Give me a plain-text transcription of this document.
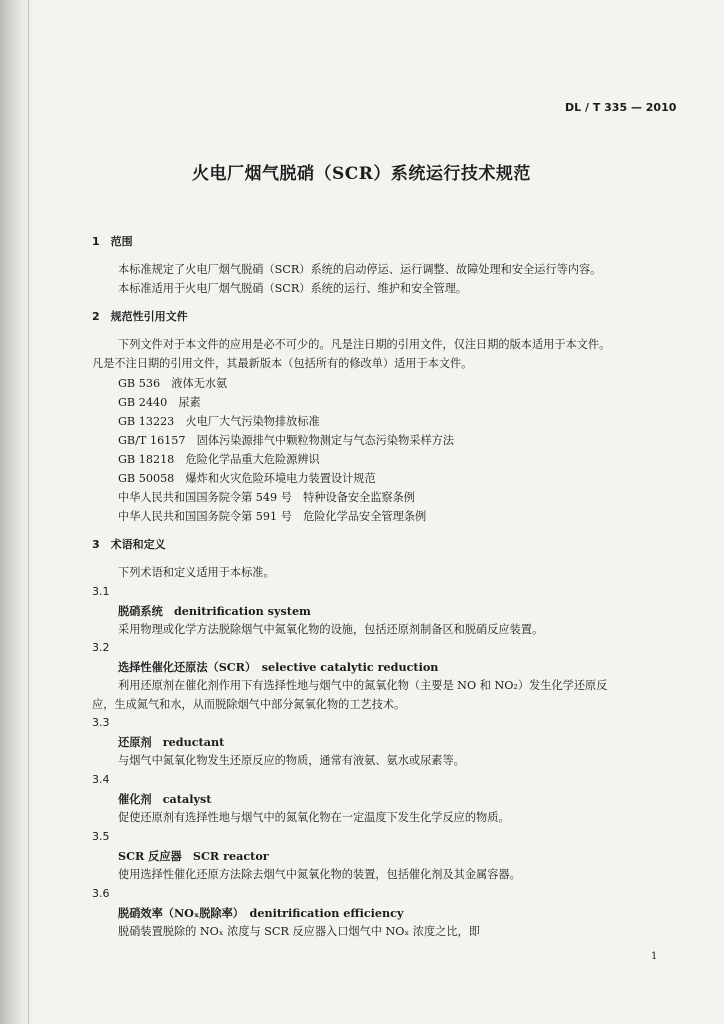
DL / T 335 — 2010
火电厂烟气脱硝（SCR）系统运行技术规范
1　范围
本标准规定了火电厂烟气脱硝（SCR）系统的启动停运、运行调整、故障处理和安全运行等内容。
本标准适用于火电厂烟气脱硝（SCR）系统的运行、维护和安全管理。
2　规范性引用文件
下列文件对于本文件的应用是必不可少的。凡是注日期的引用文件，仅注日期的版本适用于本文件。
凡是不注日期的引用文件，其最新版本（包括所有的修改单）适用于本文件。
GB 536　液体无水氨
GB 2440　尿素
GB 13223　火电厂大气污染物排放标准
GB/T 16157　固体污染源排气中颗粒物测定与气态污染物采样方法
GB 18218　危险化学品重大危险源辨识
GB 50058　爆炸和火灾危险环境电力装置设计规范
中华人民共和国国务院令第 549 号　特种设备安全监察条例
中华人民共和国国务院令第 591 号　危险化学品安全管理条例
3　术语和定义
下列术语和定义适用于本标准。
3.1
脱硝系统　denitrification system
采用物理或化学方法脱除烟气中氮氧化物的设施，包括还原剂制备区和脱硝反应装置。
3.2
选择性催化还原法（SCR）　selective catalytic reduction
利用还原剂在催化剂作用下有选择性地与烟气中的氮氧化物（主要是 NO 和 NO₂）发生化学还原反
应，生成氮气和水，从而脱除烟气中部分氮氧化物的工艺技术。
3.3
还原剂　reductant
与烟气中氮氧化物发生还原反应的物质，通常有液氨、氨水或尿素等。
3.4
催化剂　catalyst
促使还原剂有选择性地与烟气中的氮氧化物在一定温度下发生化学反应的物质。
3.5
SCR 反应器　SCR reactor
使用选择性催化还原方法除去烟气中氮氧化物的装置，包括催化剂及其金属容器。
3.6
脱硝效率（NOₓ脱除率）　denitrification efficiency
脱硝装置脱除的 NOₓ 浓度与 SCR 反应器入口烟气中 NOₓ 浓度之比，即
1
